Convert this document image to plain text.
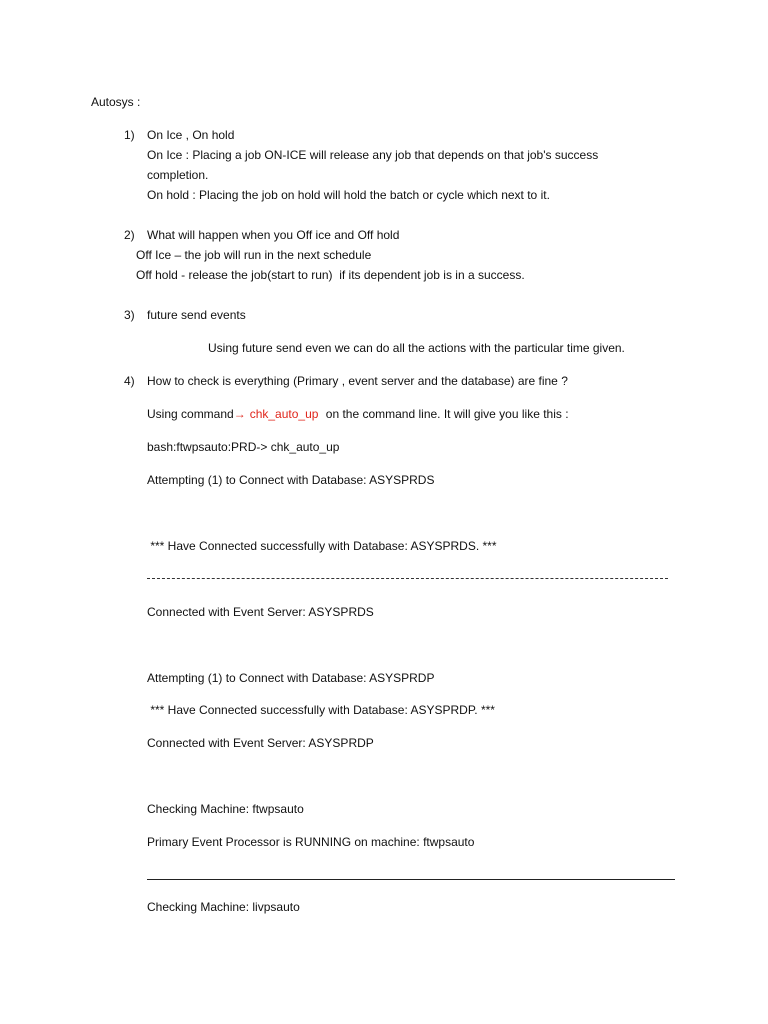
Autosys :
1) On Ice , On hold
On Ice : Placing a job ON-ICE will release any job that depends on that job's success
completion.
On hold : Placing the job on hold will hold the batch or cycle which next to it.
2) What will happen when you Off ice and Off hold
Off Ice – the job will run in the next schedule
Off hold - release the job(start to run)  if its dependent job is in a success.
3) future send events
Using future send even we can do all the actions with the particular time given.
4) How to check is everything (Primary , event server and the database) are fine ?
Using command→ chk_auto_up on the command line. It will give you like this :
bash:ftwpsauto:PRD-> chk_auto_up
Attempting (1) to Connect with Database: ASYSPRDS
*** Have Connected successfully with Database: ASYSPRDS. ***
Connected with Event Server: ASYSPRDS
Attempting (1) to Connect with Database: ASYSPRDP
*** Have Connected successfully with Database: ASYSPRDP. ***
Connected with Event Server: ASYSPRDP
Checking Machine: ftwpsauto
Primary Event Processor is RUNNING on machine: ftwpsauto
Checking Machine: livpsauto
